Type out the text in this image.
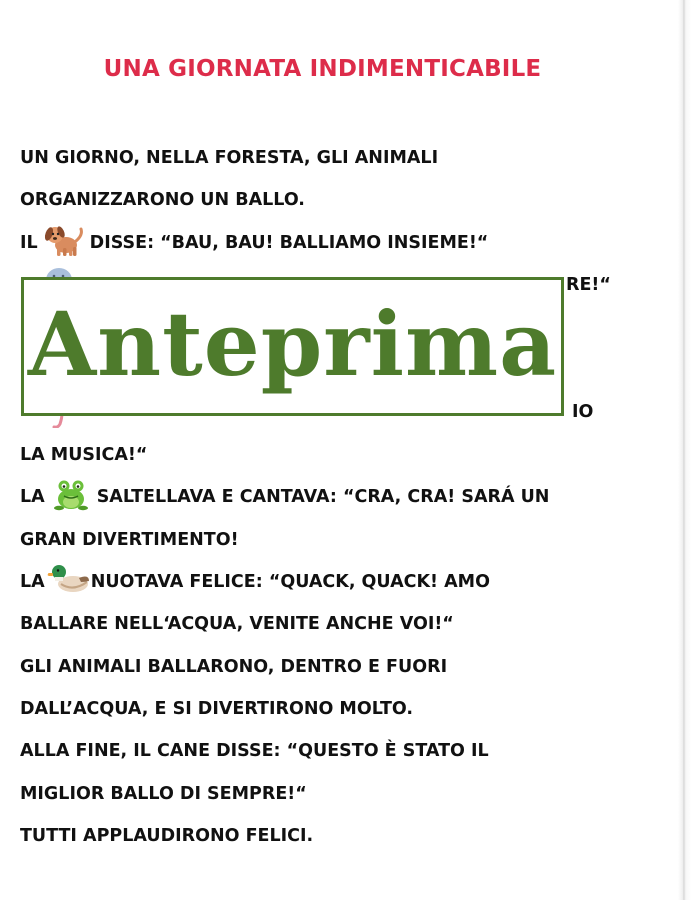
UNA GIORNATA INDIMENTICABILE
UN GIORNO, NELLA FORESTA, GLI ANIMALI
ORGANIZZARONO UN BALLO.
IL	DISSE: “BAU, BAU! BALLIAMO INSIEME!“
RE!“
IO
LA MUSICA!“
LA	SALTELLAVA E CANTAVA: “CRA, CRA! SARÁ UN
GRAN DIVERTIMENTO!
LA	NUOTAVA FELICE: “QUACK, QUACK! AMO
BALLARE NELL‘ACQUA, VENITE ANCHE VOI!“
GLI ANIMALI BALLARONO, DENTRO E FUORI
DALL’ACQUA, E SI DIVERTIRONO MOLTO.
ALLA FINE, IL CANE DISSE: “QUESTO È STATO IL
MIGLIOR BALLO DI SEMPRE!“
TUTTI APPLAUDIRONO FELICI.
Anteprima
